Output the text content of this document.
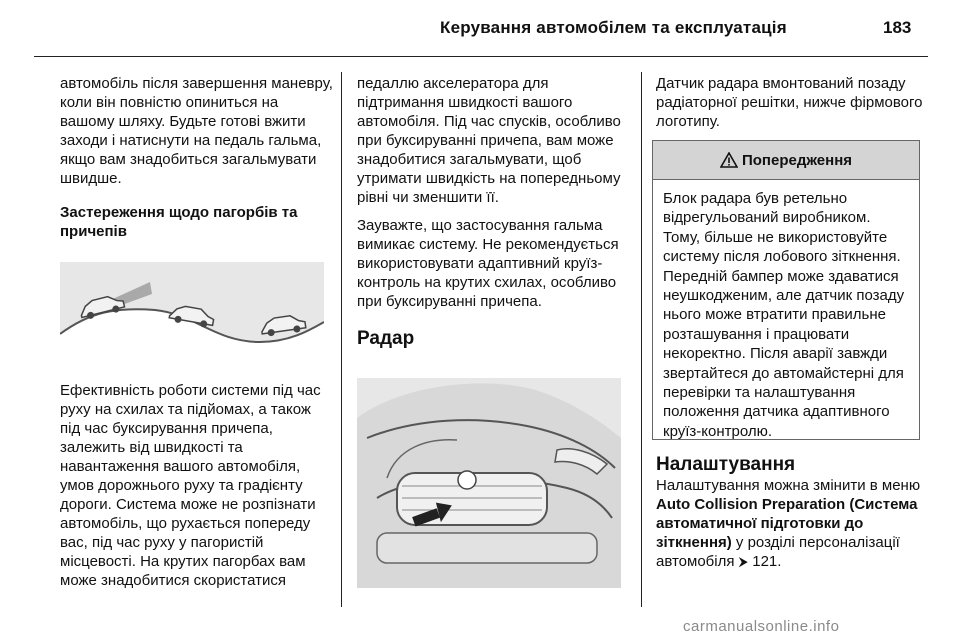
Керування автомобілем та експлуатація	183

автомобіль після завершення маневру, коли він повністю опиниться на вашому шляху. Будьте готові вжити заходи і натиснути на педаль гальма, якщо вам знадобиться загальмувати швидше.

Застереження щодо пагорбів та причепів

Ефективність роботи системи під час руху на схилах та підйомах, а також під час буксирування причепа, залежить від швидкості та навантаження вашого автомобіля, умов дорожнього руху та градієнту дороги. Система може не розпізнати автомобіль, що рухається попереду вас, під час руху у пагористій місцевості. На крутих пагорбах вам може знадобитися скористатися

педаллю акселератора для підтримання швидкості вашого автомобіля. Під час спусків, особливо при буксируванні причепа, вам може знадобитися загальмувати, щоб утримати швидкість на попередньому рівні чи зменшити її.

Зауважте, що застосування гальма вимикає систему. Не рекомендується використовувати адаптивний круїз-контроль на крутих схилах, особливо при буксируванні причепа.

Радар

Датчик радара вмонтований позаду радіаторної решітки, нижче фірмового логотипу.

Попередження
Блок радара був ретельно відрегульований виробником. Тому, більше не використовуйте систему після лобового зіткнення. Передній бампер може здаватися неушкодженим, але датчик позаду нього може втратити правильне розташування і працювати некоректно. Після аварії завжди звертайтеся до автомайстерні для перевірки та налаштування положення датчика адаптивного круїз-контролю.
Налаштування

Налаштування можна змінити в меню Auto Collision Preparation (Система автоматичної підготовки до зіткнення) у розділі персоналізації автомобіля ⮞ 121.

carmanualsonline.info
